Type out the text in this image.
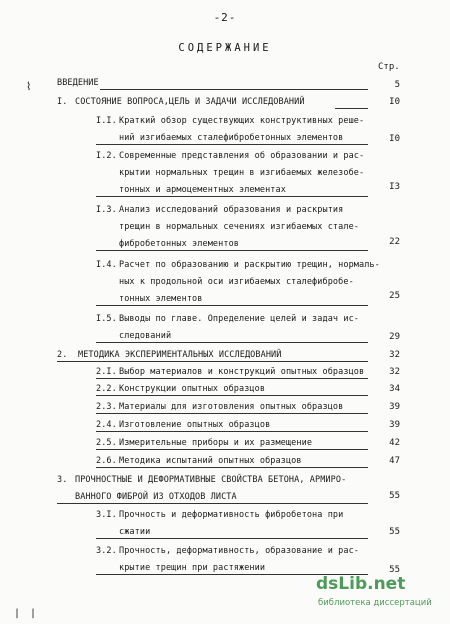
-2-
СОДЕРЖАНИЕ
Стр.
⌇	ВВЕДЕНИЕ	5
I. СОСТОЯНИЕ ВОПРОСА,ЦЕЛЬ И ЗАДАЧИ ИССЛЕДОВАНИЙ	I0
I.I. Краткий обзор существующих конструктивных реше-
ний изгибаемых сталефибробетонных элементов	I0
I.2. Современные представления об образовании и рас-
крытии нормальных трещин в изгибаемых железобе-
тонных и армоцементных элементах	I3
I.3. Анализ исследований образования и раскрытия
трещин в нормальных сечениях изгибаемых стале-
фибробетонных элементов	22
I.4. Расчет по образованию и раскрытию трещин, нормаль-
ных к продольной оси изгибаемых сталефибробе-
тонных элементов	25
I.5. Выводы по главе. Определение целей и задач ис-
следований	29
2. МЕТОДИКА ЭКСПЕРИМЕНТАЛЬНЫХ ИССЛЕДОВАНИЙ	32
2.I. Выбор материалов и конструкций опытных образцов	32
2.2. Конструкции опытных образцов	34
2.3. Материалы для изготовления опытных образцов	39
2.4. Изготовление опытных образцов	39
2.5. Измерительные приборы и их размещение	42
2.6. Методика испытаний опытных образцов	47
3. ПРОЧНОСТНЫЕ И ДЕФОРМАТИВНЫЕ СВОЙСТВА БЕТОНА, АРМИРО-
ВАННОГО ФИБРОЙ ИЗ ОТХОДОВ ЛИСТА	55
3.I. Прочность и деформативность фибробетона при
сжатии	55
3.2. Прочность, деформативность, образование и рас-
крытие трещин при растяжении	55
| |
dsLib.net
библиотека диссертаций
